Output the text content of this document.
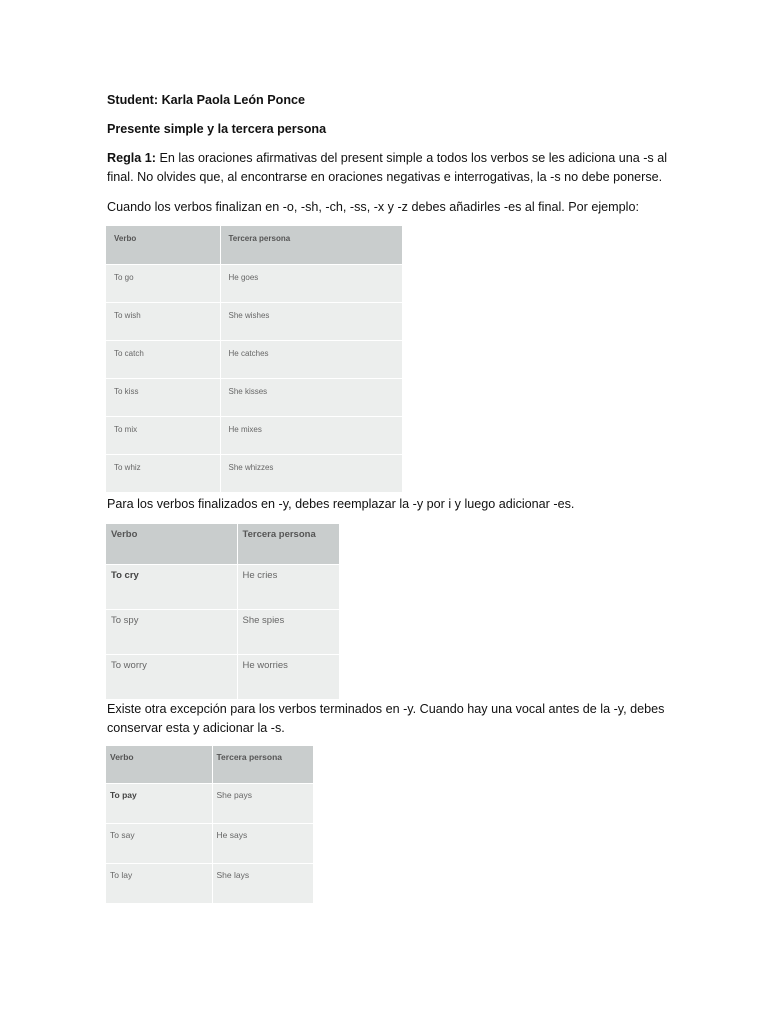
Student: Karla Paola León Ponce

Presente simple y la tercera persona

Regla 1: En las oraciones afirmativas del present simple a todos los verbos se les adiciona una -s al

final. No olvides que, al encontrarse en oraciones negativas e interrogativas, la -s no debe ponerse.

Cuando los verbos finalizan en -o, -sh, -ch, -ss, -x y -z debes añadirles -es al final. Por ejemplo:

Verbo	Tercera persona
To go	He goes
To wish	She wishes
To catch	He catches
To kiss	She kisses
To mix	He mixes
To whiz	She whizzes

Para los verbos finalizados en -y, debes reemplazar la -y por i y luego adicionar -es.

Verbo	Tercera persona
To cry	He cries
To spy	She spies
To worry	He worries

Existe otra excepción para los verbos terminados en -y. Cuando hay una vocal antes de la -y, debes

conservar esta y adicionar la -s.

Verbo	Tercera persona
To pay	She pays
To say	He says
To lay	She lays
